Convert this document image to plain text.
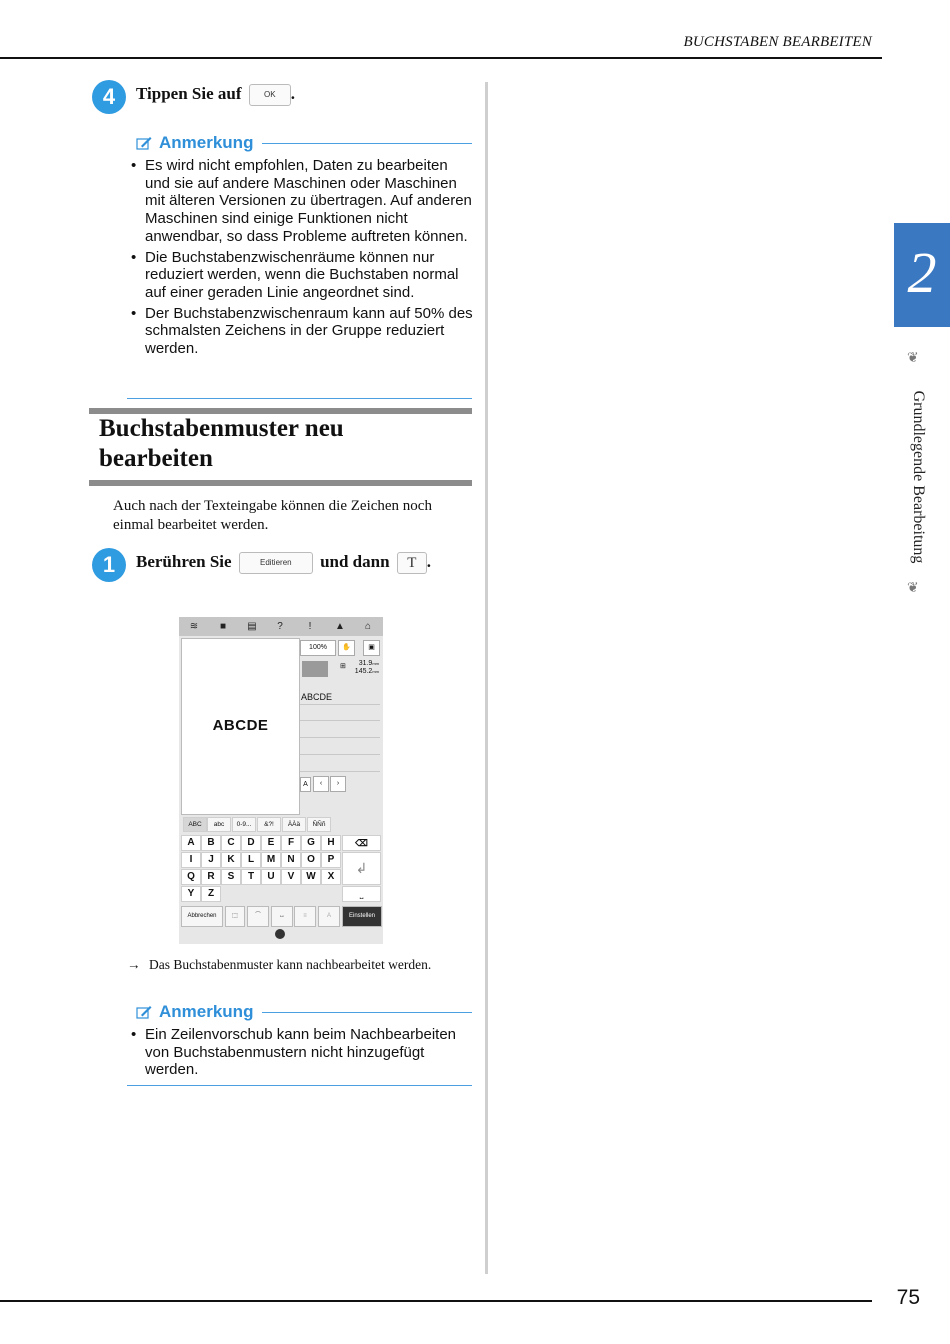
BUCHSTABEN BEARBEITEN
2
Grundlegende Bearbeitung
❦
❦
4	Tippen Sie auf	OK .
Anmerkung
• Es wird nicht empfohlen, Daten zu bearbeiten und sie auf andere Maschinen oder Maschinen mit älteren Versionen zu übertragen. Auf anderen Maschinen sind einige Funktionen nicht anwendbar, so dass Probleme auftreten können.
• Die Buchstabenzwischenräume können nur reduziert werden, wenn die Buchstaben normal auf einer geraden Linie angeordnet sind.
• Der Buchstabenzwischenraum kann auf 50% des schmalsten Zeichens in der Gruppe reduziert werden.
Buchstabenmuster neu
bearbeiten
Auch nach der Texteingabe können die Zeichen noch einmal bearbeitet werden.
1	Berühren Sie	Editieren und dann T .
≋	■	▤	?	!	▲	⌂
ABCDE
100%	✋	▣
⊞	31.9mm
145.2mm
ABCDE
A	‹	›
ABC	abc	0-9...	&?!	ÄÀä	ÑÑñ
A	B	C	D	E	F	G	H
I	J	K	L	M	N	O	P
Q	R	S	T	U	V	W	X
Y	Z
⌫
↲
⎵
Abbrechen	⬚	⌒	↔	≡	A	Einstellen
→ Das Buchstabenmuster kann nachbearbeitet werden.
Anmerkung
• Ein Zeilenvorschub kann beim Nachbearbeiten von Buchstabenmustern nicht hinzugefügt werden.
75
